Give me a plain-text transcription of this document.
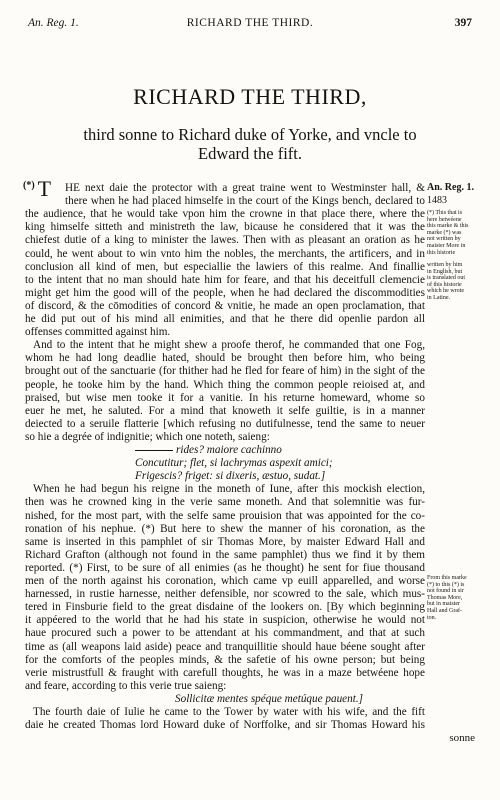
An. Reg. 1.	RICHARD THE THIRD.	397
RICHARD THE THIRD,
third sonne to Richard duke of Yorke, and vncle to
Edward the fift.
(*) T HE next daie the protector with a great traine went to Westminster hall, &
there when he had placed himselfe in the court of the Kings bench, declared to
the audience, that he would take vpon him the crowne in that place there, where the
king himselfe sitteth and ministreth the law, bicause he considered that it was the
chiefest dutie of a king to minister the lawes. Then with as pleasant an oration as he
could, he went about to win vnto him the nobles, the merchants, the artificers, and in
conclusion all kind of men, but especiallie the lawiers of this realme. And finallie
to the intent that no man should hate him for feare, and that his deceitfull clemencie
might get him the good will of the people, when he had declared the discommodities
of discord, & the cōmodities of concord & vnitie, he made an open proclamation, that
he did put out of his mind all enimities, and that he there did openlie pardon all
offenses committed against him.
And to the intent that he might shew a proofe therof, he commanded that one Fog,
whom he had long deadlie hated, should be brought then before him, who being
brought out of the sanctuarie (for thither had he fled for feare of him) in the sight of the
people, he tooke him by the hand. Which thing the common people reioised at, and
praised, but wise men tooke it for a vanitie. In his returne homeward, whome so
euer he met, he saluted. For a mind that knoweth it selfe guiltie, is in a manner
deiected to a seruile flatterie [which refusing no dutifulnesse, tend the same to neuer
so hie a degrée of indignitie; which one noteth, saieng:
rides? maiore cachinno
Concutitur; flet, si lachrymas aspexit amici;
Frigescis? friget: si dixeris, æstuo, sudat.]
When he had begun his reigne in the moneth of Iune, after this mockish election,
then was he crowned king in the verie same moneth. And that solemnitie was fur-
nished, for the most part, with the selfe same prouision that was appointed for the co-
ronation of his nephue. (*) But here to shew the manner of his coronation, as the
same is inserted in this pamphlet of sir Thomas More, by maister Edward Hall and
Richard Grafton (although not found in the same pamphlet) thus we find it by them
reported. (*) First, to be sure of all enimies (as he thought) he sent for fiue thousand
men of the north against his coronation, which came vp euill apparelled, and worse
harnessed, in rustie harnesse, neither defensible, nor scowred to the sale, which mus-
tered in Finsburie field to the great disdaine of the lookers on. [By which beginning
it appéered to the world that he had his state in suspicion, otherwise he would not
haue procured such a power to be attendant at his commandment, and that at such
time as (all weapons laid aside) peace and tranquillitie should haue béene sought after
for the comforts of the peoples minds, & the safetie of his owne person; but being
verie mistrustfull & fraught with carefull thoughts, he was in a maze betwéene hope
and feare, according to this verie true saieng:
Sollicitæ mentes spéque metúque pauent.]
The fourth daie of Iulie he came to the Tower by water with his wife, and the fift
daie he created Thomas lord Howard duke of Norffolke, and sir Thomas Howard his
sonne
An. Reg. 1.
1483
(*) This that is
here betwéene
this marke & this
marke (*) was
not written by
maister More in
this historie
written by him
in English, but
is translated out
of this historie
which he wrote
in Latine.
From this marke
(*) to this (*) is
not found in sir
Thomas More,
but in maister
Hall and Graf-
ton.
